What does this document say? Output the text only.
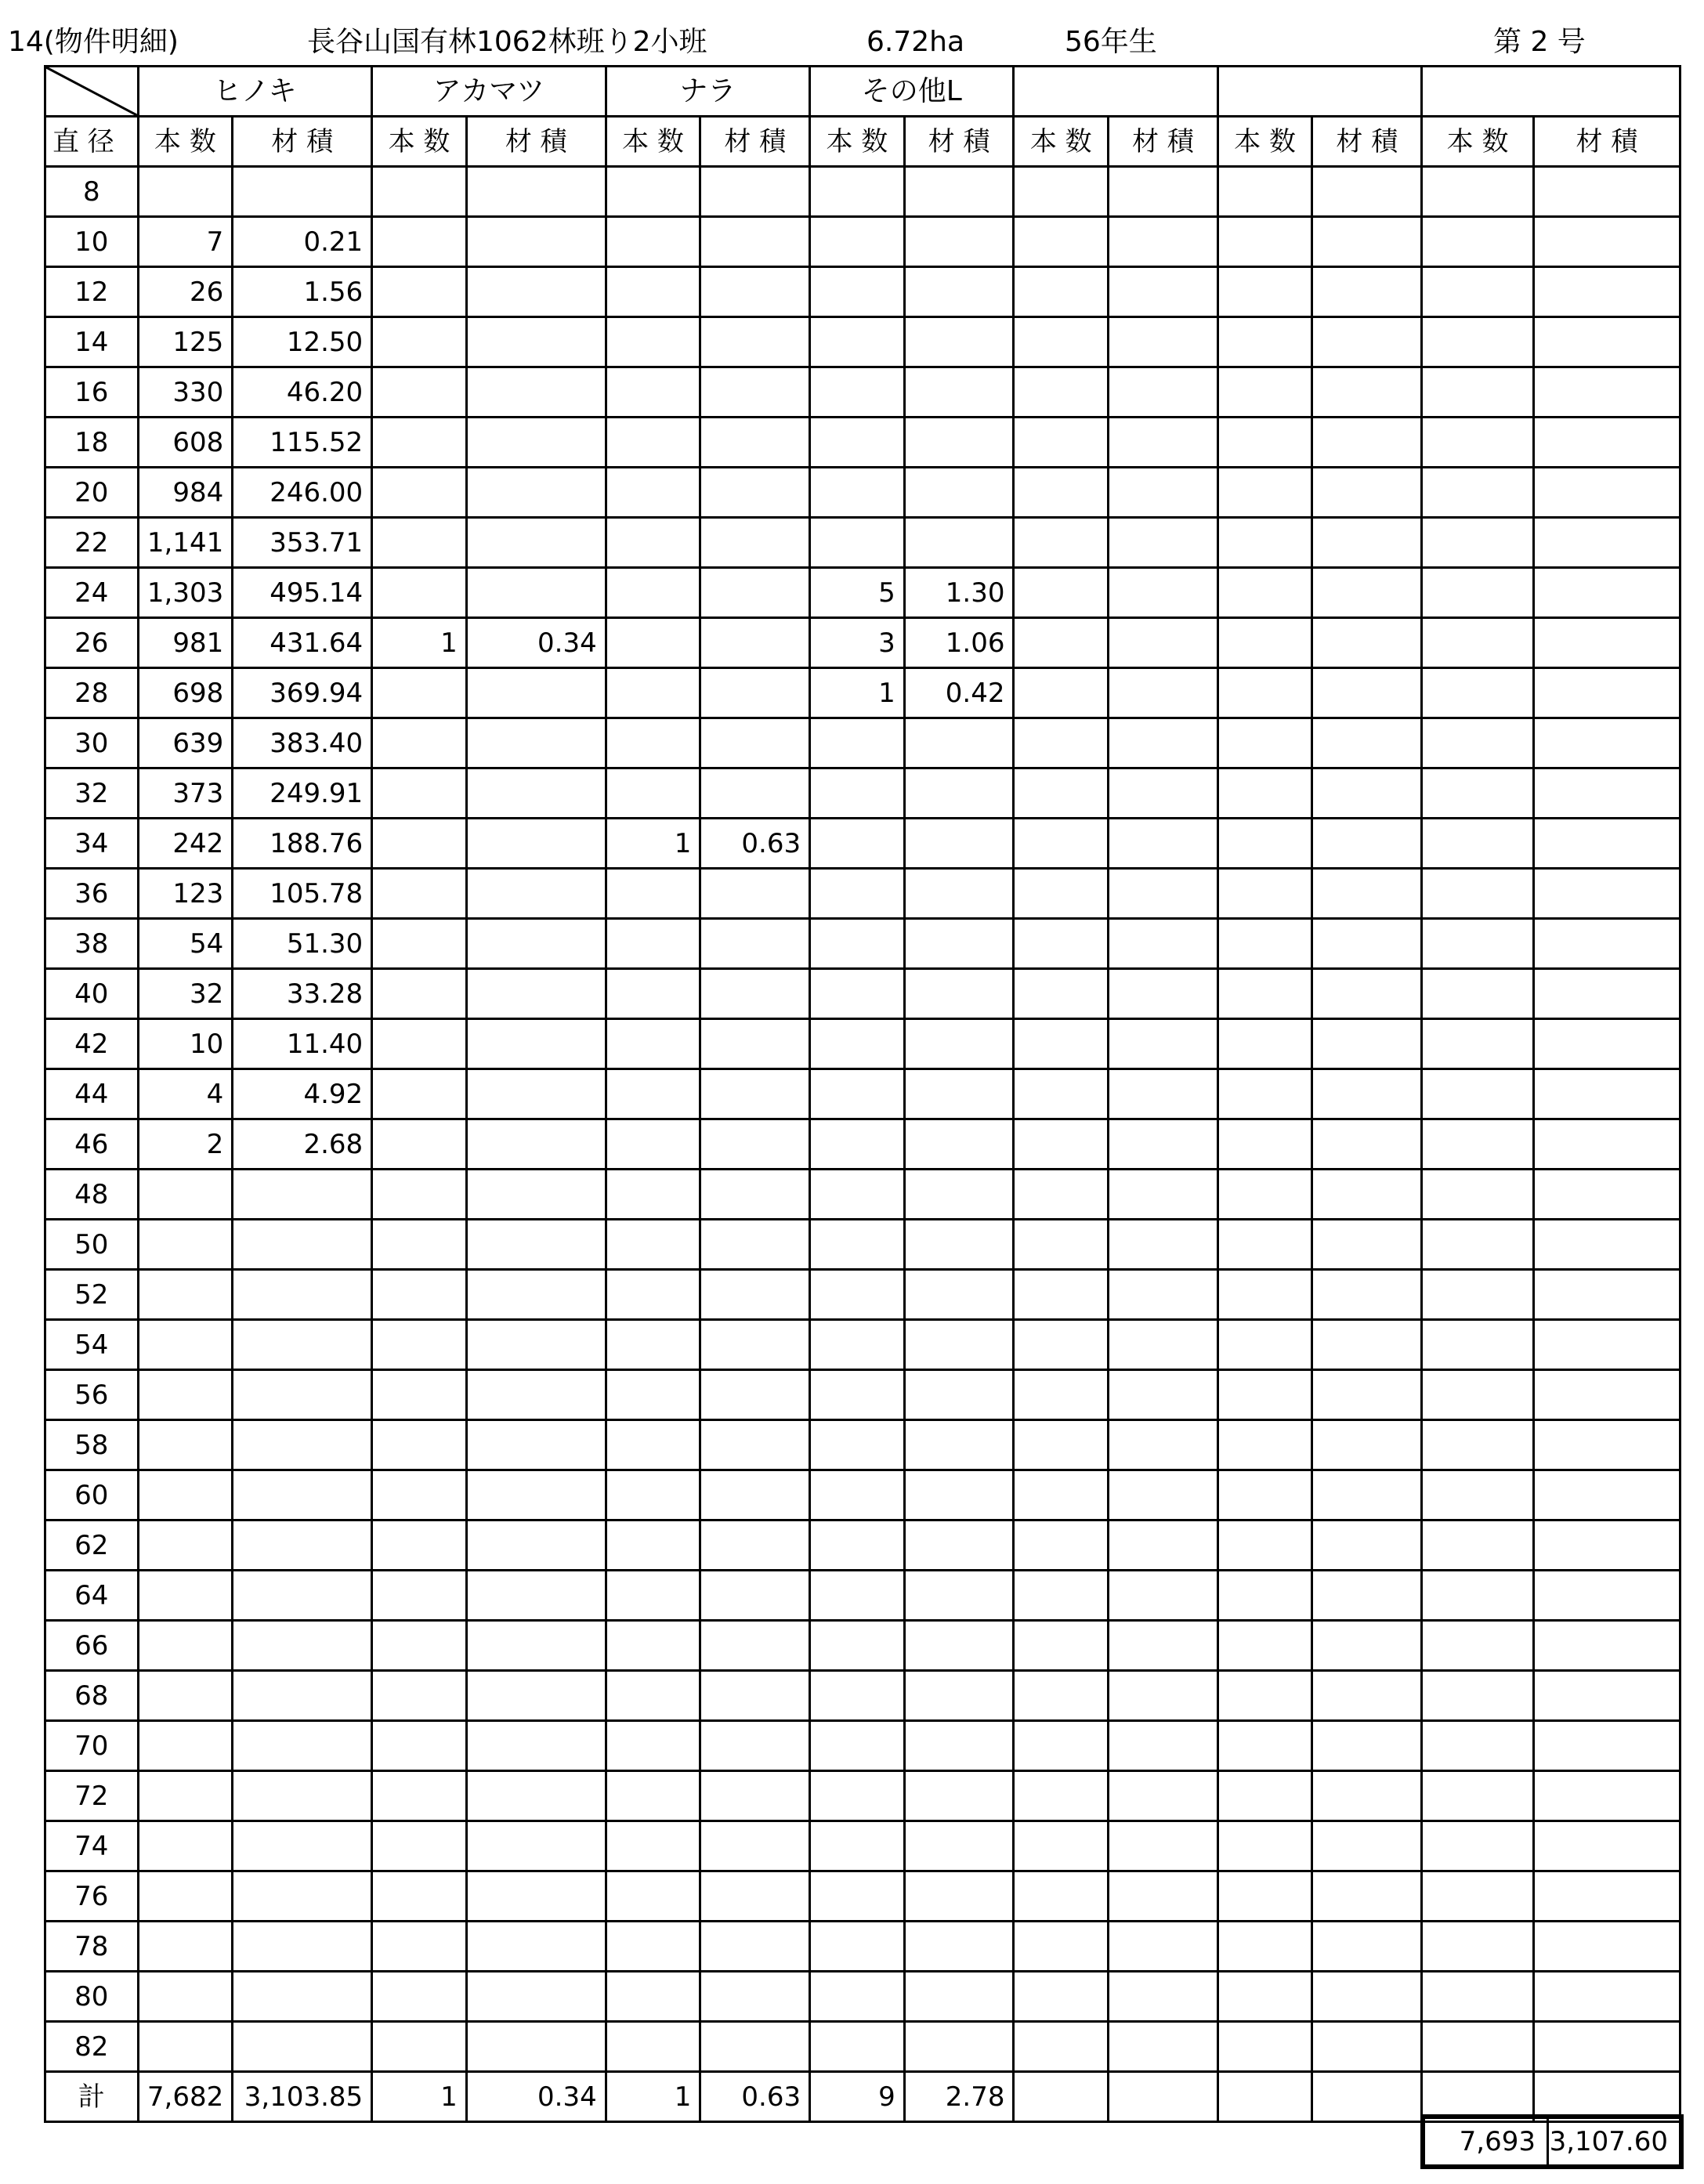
14(物件明細)	長谷山国有林1062林班り2小班	6.72ha	56年生	第 2 号
	ヒノキ		アカマツ		ナラ		その他L							
直 径	本 数	材 積	本 数	材 積	本 数	材 積	本 数	材 積	本 数	材 積	本 数	材 積	本 数	材 積
8														
10	7	0.21												
12	26	1.56												
14	125	12.50												
16	330	46.20												
18	608	115.52												
20	984	246.00												
22	1,141	353.71												
24	1,303	495.14					5	1.30						
26	981	431.64	1	0.34			3	1.06						
28	698	369.94					1	0.42						
30	639	383.40												
32	373	249.91												
34	242	188.76			1	0.63								
36	123	105.78												
38	54	51.30												
40	32	33.28												
42	10	11.40												
44	4	4.92												
46	2	2.68												
48														
50														
52														
54														
56														
58														
60														
62														
64														
66														
68														
70														
72														
74														
76														
78														
80														
82														
計	7,682	3,103.85	1	0.34	1	0.63	9	2.78						
7,693 3,107.60
